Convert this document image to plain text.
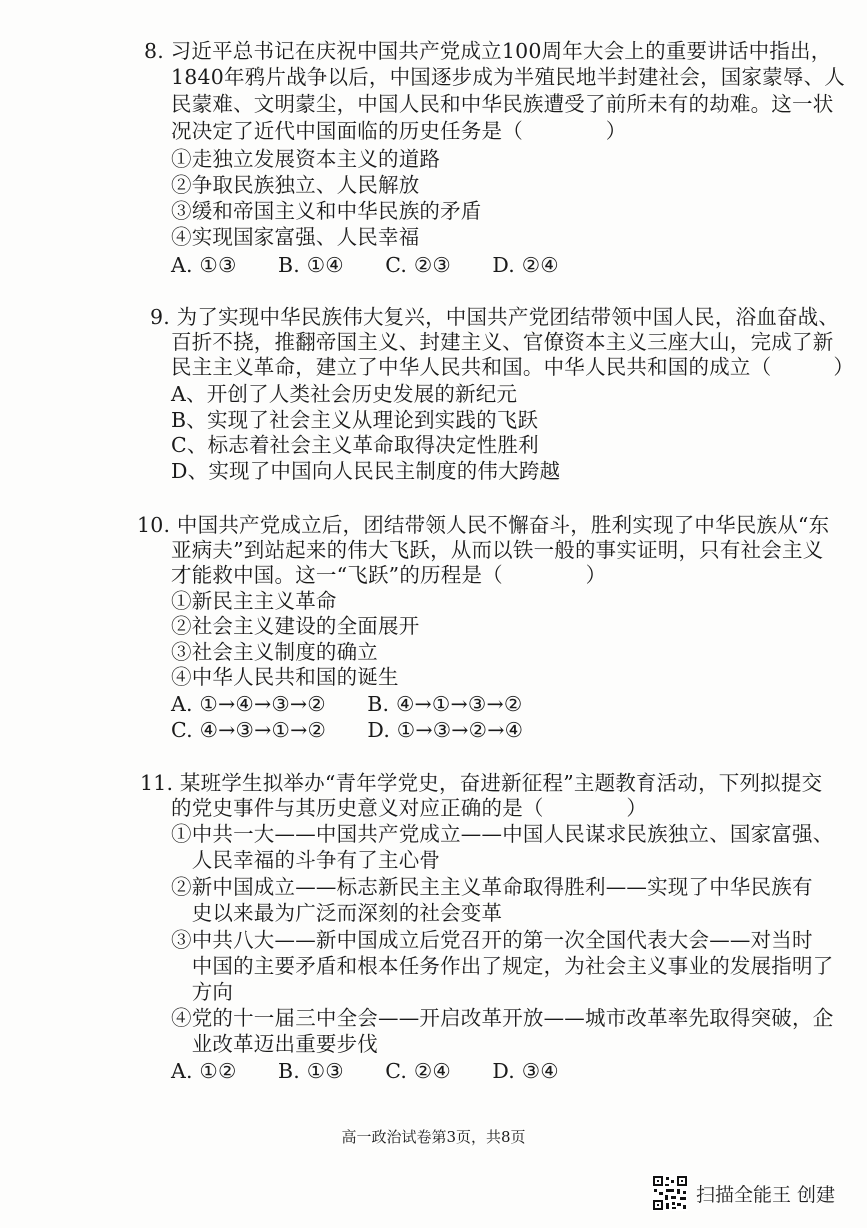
8. 习近平总书记在庆祝中国共产党成立100周年大会上的重要讲话中指出，
1840年鸦片战争以后，中国逐步成为半殖民地半封建社会，国家蒙辱、人
民蒙难、文明蒙尘，中国人民和中华民族遭受了前所未有的劫难。这一状
况决定了近代中国面临的历史任务是（　　　　）
①走独立发展资本主义的道路
②争取民族独立、人民解放
③缓和帝国主义和中华民族的矛盾
④实现国家富强、人民幸福
A. ①③　　B. ①④　　C. ②③　　D. ②④
9. 为了实现中华民族伟大复兴，中国共产党团结带领中国人民，浴血奋战、
百折不挠，推翻帝国主义、封建主义、官僚资本主义三座大山，完成了新
民主主义革命，建立了中华人民共和国。中华人民共和国的成立（　　　）
A、开创了人类社会历史发展的新纪元
B、实现了社会主义从理论到实践的飞跃
C、标志着社会主义革命取得决定性胜利
D、实现了中国向人民民主制度的伟大跨越
10. 中国共产党成立后，团结带领人民不懈奋斗，胜利实现了中华民族从“东
亚病夫”到站起来的伟大飞跃，从而以铁一般的事实证明，只有社会主义
才能救中国。这一“飞跃”的历程是（　　　　）
①新民主主义革命
②社会主义建设的全面展开
③社会主义制度的确立
④中华人民共和国的诞生
A. ①→④→③→②　　B. ④→①→③→②
C. ④→③→①→②　　D. ①→③→②→④
11. 某班学生拟举办“青年学党史，奋进新征程”主题教育活动，下列拟提交
的党史事件与其历史意义对应正确的是（　　　　）
①中共一大——中国共产党成立——中国人民谋求民族独立、国家富强、
　人民幸福的斗争有了主心骨
②新中国成立——标志新民主主义革命取得胜利——实现了中华民族有
　史以来最为广泛而深刻的社会变革
③中共八大——新中国成立后党召开的第一次全国代表大会——对当时
　中国的主要矛盾和根本任务作出了规定，为社会主义事业的发展指明了
　方向
④党的十一届三中全会——开启改革开放——城市改革率先取得突破，企
　业改革迈出重要步伐
A. ①②　　B. ①③　　C. ②④　　D. ③④
高一政治试卷第3页，共8页
扫描全能王 创建
